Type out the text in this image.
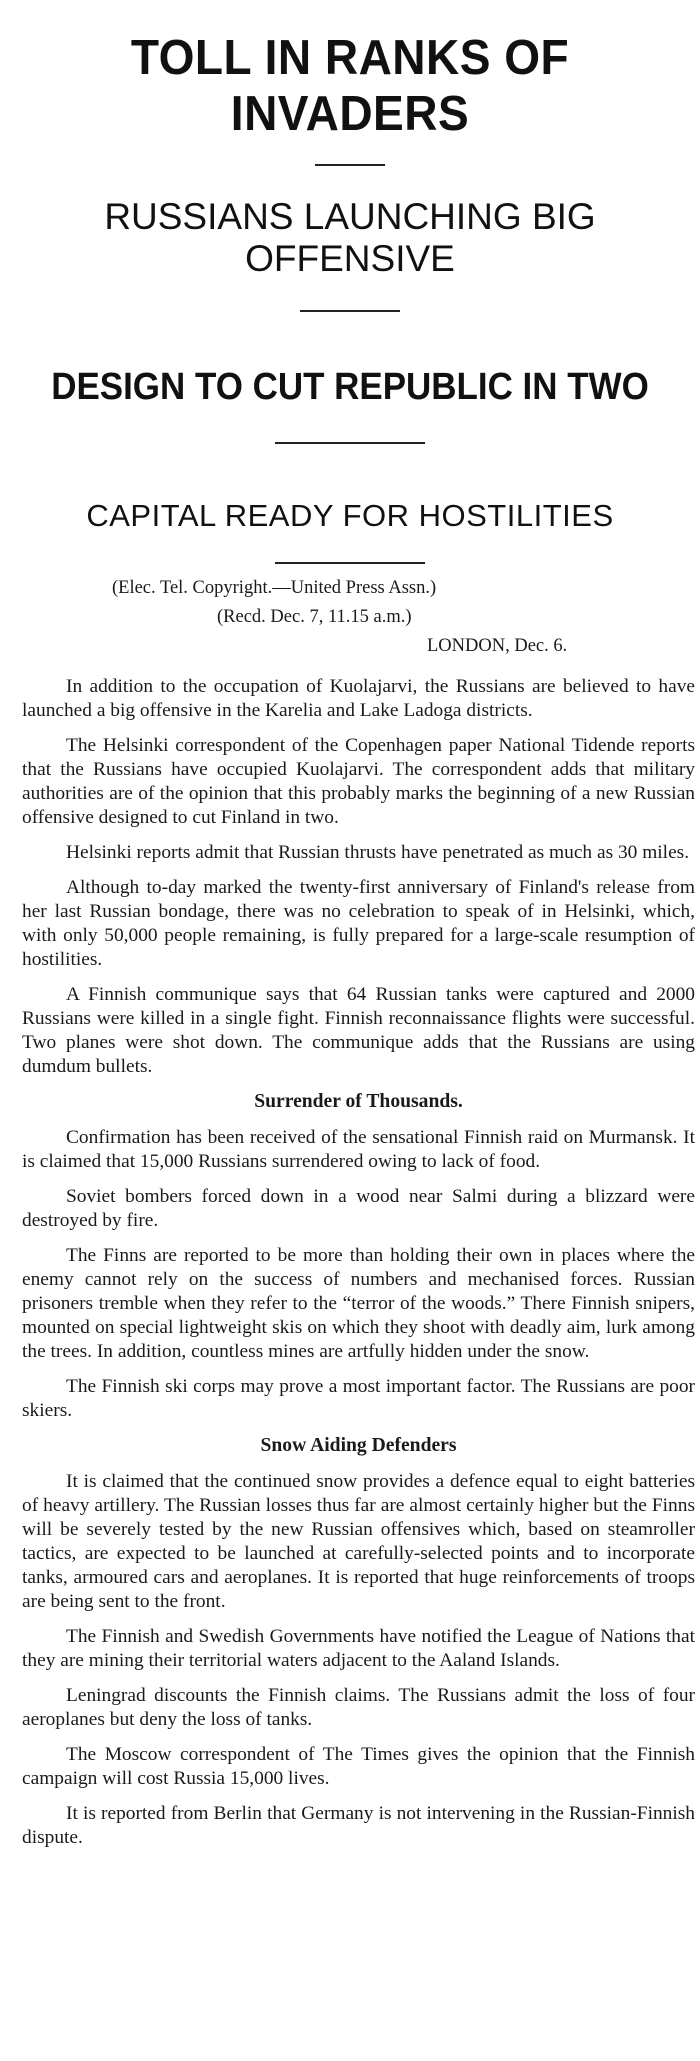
TOLL IN RANKS OF INVADERS
RUSSIANS LAUNCHING BIG OFFENSIVE
DESIGN TO CUT REPUBLIC IN TWO
CAPITAL READY FOR HOSTILITIES
(Elec. Tel. Copyright.—United Press Assn.)
(Recd. Dec. 7, 11.15 a.m.)
LONDON, Dec. 6.

In addition to the occupation of Kuolajarvi, the Russians are believed to have launched a big offensive in the Karelia and Lake Ladoga districts.

The Helsinki correspondent of the Copenhagen paper National Tidende reports that the Russians have occupied Kuolajarvi. The correspondent adds that military authorities are of the opinion that this probably marks the beginning of a new Russian offensive designed to cut Finland in two.

Helsinki reports admit that Russian thrusts have penetrated as much as 30 miles.

Although to-day marked the twenty-first anniversary of Finland's release from her last Russian bondage, there was no celebration to speak of in Helsinki, which, with only 50,000 people remaining, is fully prepared for a large-scale resumption of hostilities.

A Finnish communique says that 64 Russian tanks were captured and 2000 Russians were killed in a single fight. Finnish reconnaissance flights were successful. Two planes were shot down. The communique adds that the Russians are using dumdum bullets.

Surrender of Thousands.

Confirmation has been received of the sensational Finnish raid on Murmansk. It is claimed that 15,000 Russians surrendered owing to lack of food.

Soviet bombers forced down in a wood near Salmi during a blizzard were destroyed by fire.

The Finns are reported to be more than holding their own in places where the enemy cannot rely on the success of numbers and mechanised forces. Russian prisoners tremble when they refer to the “terror of the woods.” There Finnish snipers, mounted on special lightweight skis on which they shoot with deadly aim, lurk among the trees. In addition, countless mines are artfully hidden under the snow.

The Finnish ski corps may prove a most important factor. The Russians are poor skiers.

Snow Aiding Defenders

It is claimed that the continued snow provides a defence equal to eight batteries of heavy artillery. The Russian losses thus far are almost certainly higher but the Finns will be severely tested by the new Russian offensives which, based on steamroller tactics, are expected to be launched at carefully-selected points and to incorporate tanks, armoured cars and aeroplanes. It is reported that huge reinforcements of troops are being sent to the front.

The Finnish and Swedish Governments have notified the League of Nations that they are mining their territorial waters adjacent to the Aaland Islands.

Leningrad discounts the Finnish claims. The Russians admit the loss of four aeroplanes but deny the loss of tanks.

The Moscow correspondent of The Times gives the opinion that the Finnish campaign will cost Russia 15,000 lives.

It is reported from Berlin that Germany is not intervening in the Russian-Finnish dispute.
